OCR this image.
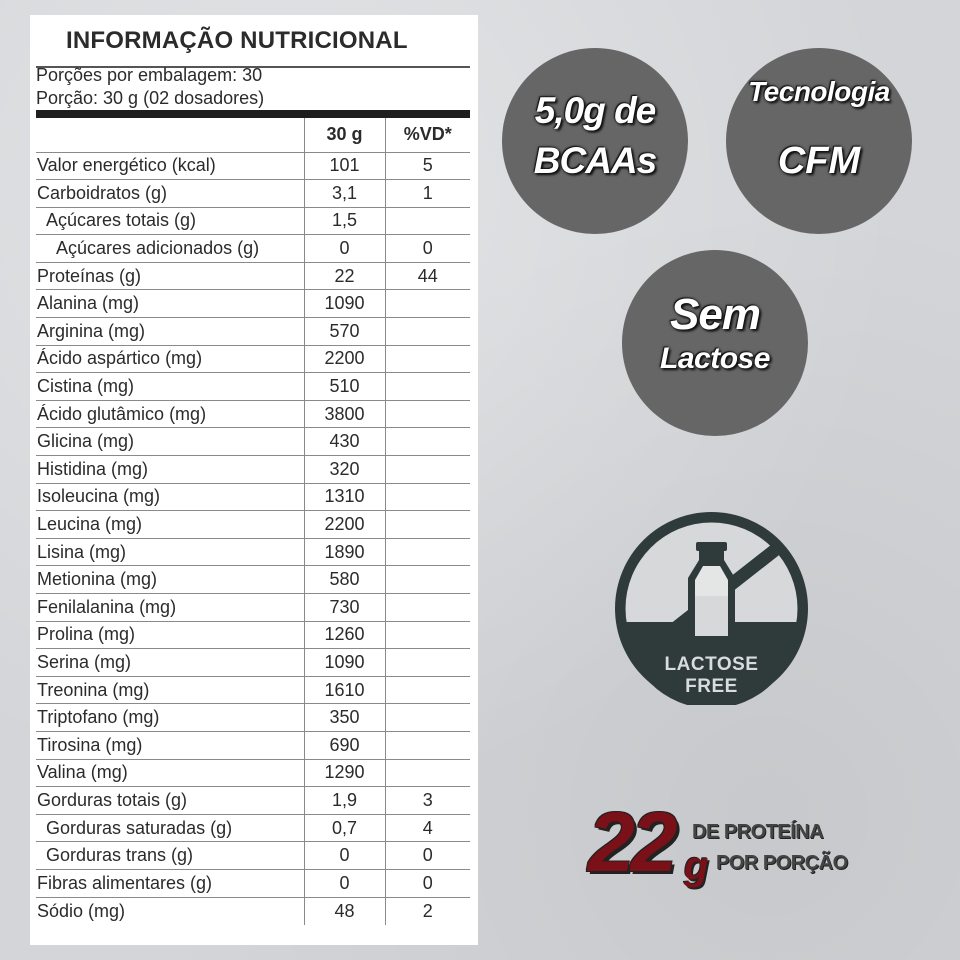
INFORMAÇÃO NUTRICIONAL
Porções por embalagem: 30
Porção: 30 g (02 dosadores)
	30 g	%VD*
Valor energético (kcal)	101	5
Carboidratos (g)	3,1	1
Açúcares totais (g)	1,5	
Açúcares adicionados (g)	0	0
Proteínas (g)	22	44
Alanina (mg)	1090	
Arginina (mg)	570	
Ácido aspártico (mg)	2200	
Cistina (mg)	510	
Ácido glutâmico (mg)	3800	
Glicina (mg)	430	
Histidina (mg)	320	
Isoleucina (mg)	1310	
Leucina (mg)	2200	
Lisina (mg)	1890	
Metionina (mg)	580	
Fenilalanina (mg)	730	
Prolina (mg)	1260	
Serina (mg)	1090	
Treonina (mg)	1610	
Triptofano (mg)	350	
Tirosina (mg)	690	
Valina (mg)	1290	
Gorduras totais (g)	1,9	3
Gorduras saturadas (g)	0,7	4
Gorduras trans (g)	0	0
Fibras alimentares (g)	0	0
Sódio (mg)	48	2
5,0g de
BCAAs
Tecnologia
CFM
Sem
Lactose
LACTOSE
FREE
22 g
DE PROTEÍNA
POR PORÇÃO
